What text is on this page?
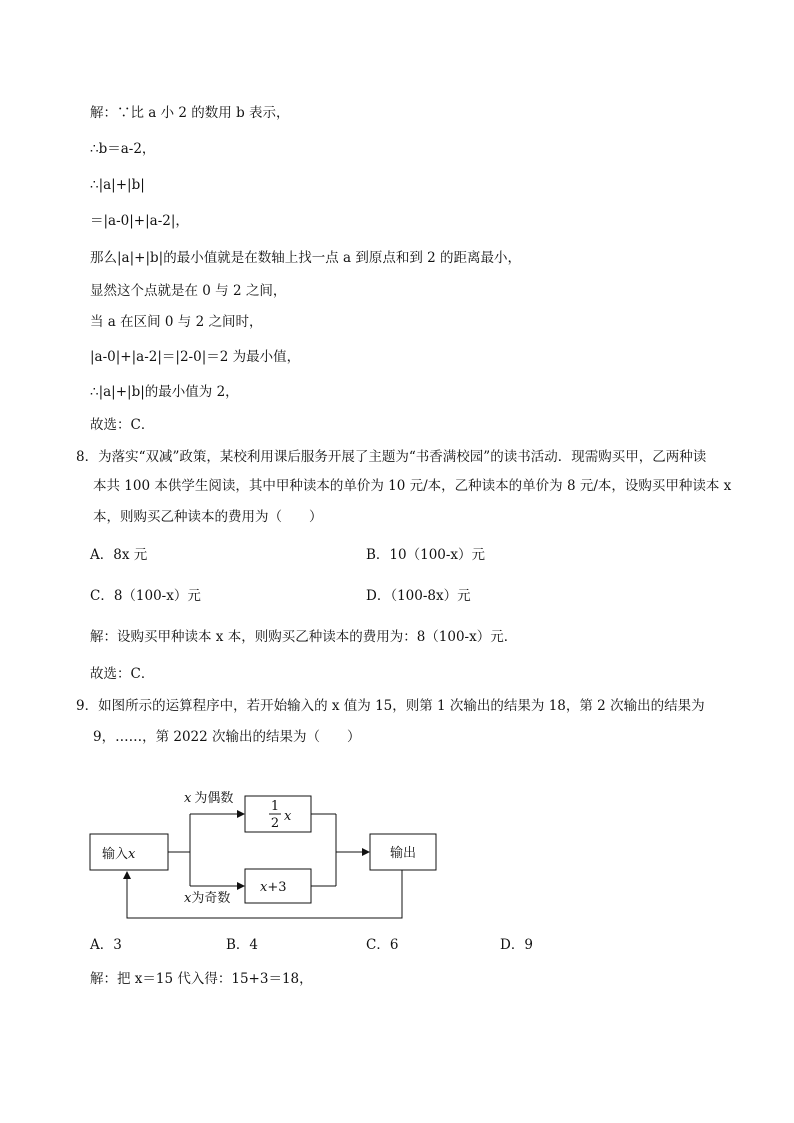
解：∵比 a 小 2 的数用 b 表示，
∴b＝a-2，
∴|a|+|b|
＝|a-0|+|a-2|，
那么|a|+|b|的最小值就是在数轴上找一点 a 到原点和到 2 的距离最小，
显然这个点就是在 0 与 2 之间，
当 a 在区间 0 与 2 之间时，
|a-0|+|a-2|＝|2-0|＝2 为最小值，
∴|a|+|b|的最小值为 2，
故选：C．
8．为落实“双减”政策，某校利用课后服务开展了主题为“书香满校园”的读书活动．现需购买甲，乙两种读
本共 100 本供学生阅读，其中甲种读本的单价为 10 元/本，乙种读本的单价为 8 元/本，设购买甲种读本 x
本，则购买乙种读本的费用为（　　）
A．8x 元	B．10（100-x）元
C．8（100-x）元	D．（100-8x）元
解：设购买甲种读本 x 本，则购买乙种读本的费用为：8（100-x）元．
故选：C．
9．如图所示的运算程序中，若开始输入的 x 值为 15，则第 1 次输出的结果为 18，第 2 次输出的结果为
9，……，第 2022 次输出的结果为（　　）
输入x
x 为偶数
x为奇数
1
2 x
x+3
输出
A．3	B．4	C．6	D．9
解：把 x＝15 代入得：15+3＝18，
